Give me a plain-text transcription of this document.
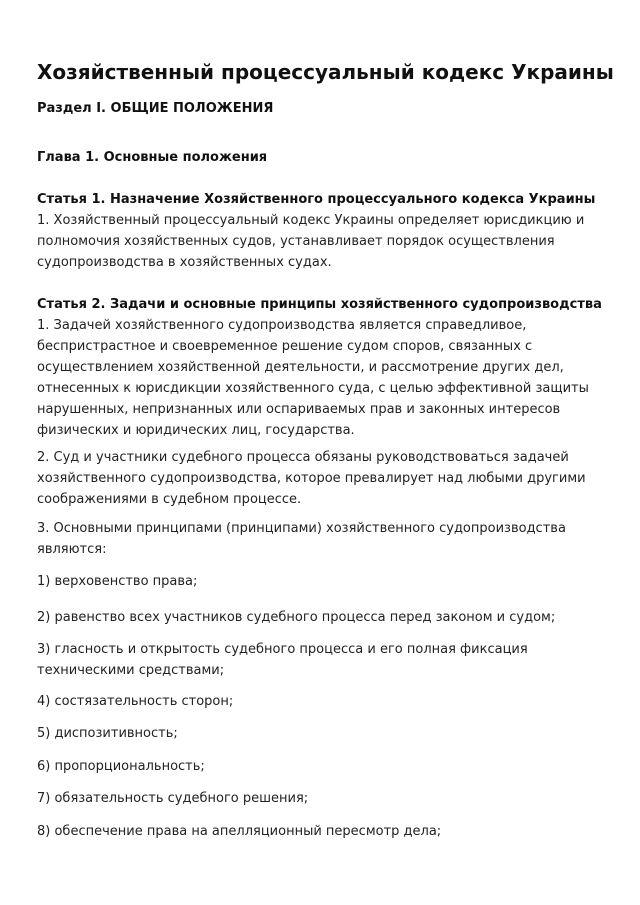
Хозяйственный процессуальный кодекс Украины
Раздел I. ОБЩИЕ ПОЛОЖЕНИЯ
Глава 1. Основные положения
Статья 1. Назначение Хозяйственного процессуального кодекса Украины
1. Хозяйственный процессуальный кодекс Украины определяет юрисдикцию и
полномочия хозяйственных судов, устанавливает порядок осуществления
судопроизводства в хозяйственных судах.
Статья 2. Задачи и основные принципы хозяйственного судопроизводства
1. Задачей хозяйственного судопроизводства является справедливое,
беспристрастное и своевременное решение судом споров, связанных с
осуществлением хозяйственной деятельности, и рассмотрение других дел,
отнесенных к юрисдикции хозяйственного суда, с целью эффективной защиты
нарушенных, непризнанных или оспариваемых прав и законных интересов
физических и юридических лиц, государства.
2. Суд и участники судебного процесса обязаны руководствоваться задачей
хозяйственного судопроизводства, которое превалирует над любыми другими
соображениями в судебном процессе.
3. Основными принципами (принципами) хозяйственного судопроизводства
являются:
1) верховенство права;
2) равенство всех участников судебного процесса перед законом и судом;
3) гласность и открытость судебного процесса и его полная фиксация
техническими средствами;
4) состязательность сторон;
5) диспозитивность;
6) пропорциональность;
7) обязательность судебного решения;
8) обеспечение права на апелляционный пересмотр дела;
